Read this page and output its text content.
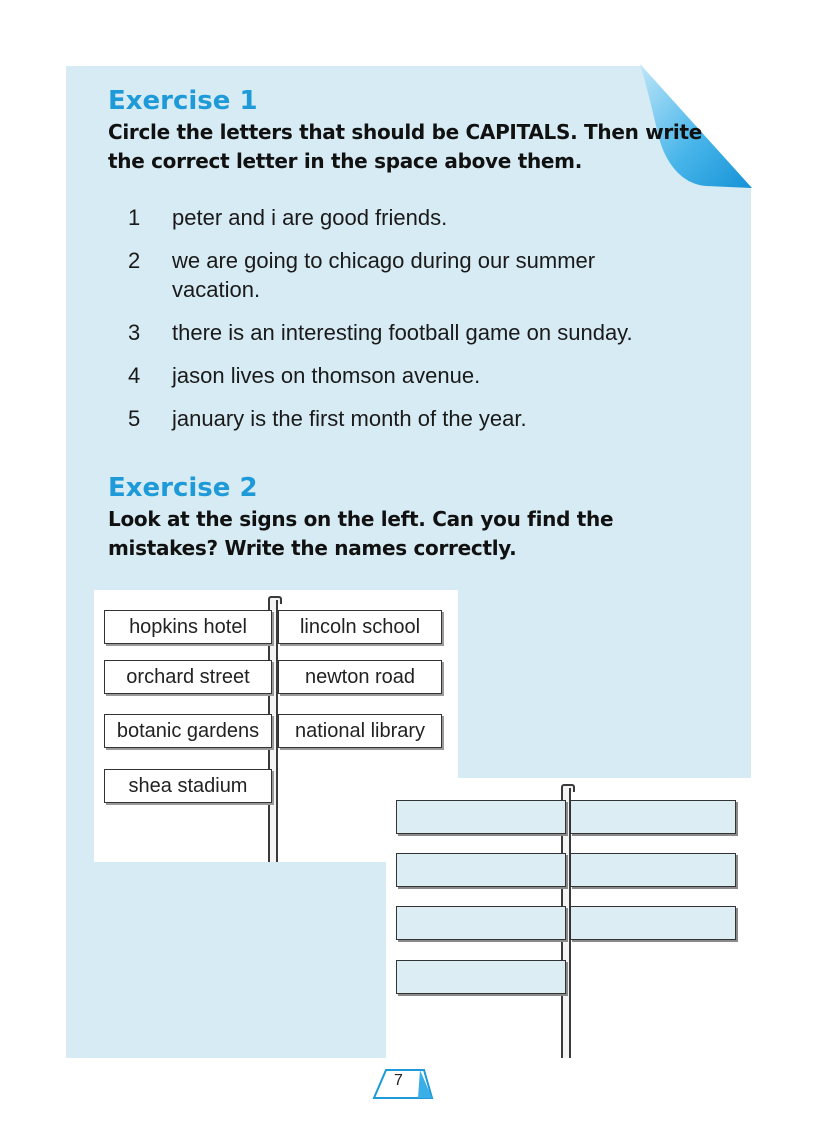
Exercise 1
Circle the letters that should be CAPITALS. Then write
the correct letter in the space above them.
1	peter and i are good friends.
2	we are going to chicago during our summer vacation.
3	there is an interesting football game on sunday.
4	jason lives on thomson avenue.
5	january is the first month of the year.
Exercise 2
Look at the signs on the left. Can you find the
mistakes? Write the names correctly.
hopkins hotel	lincoln school
orchard street	newton road
botanic gardens	national library
shea stadium
7
